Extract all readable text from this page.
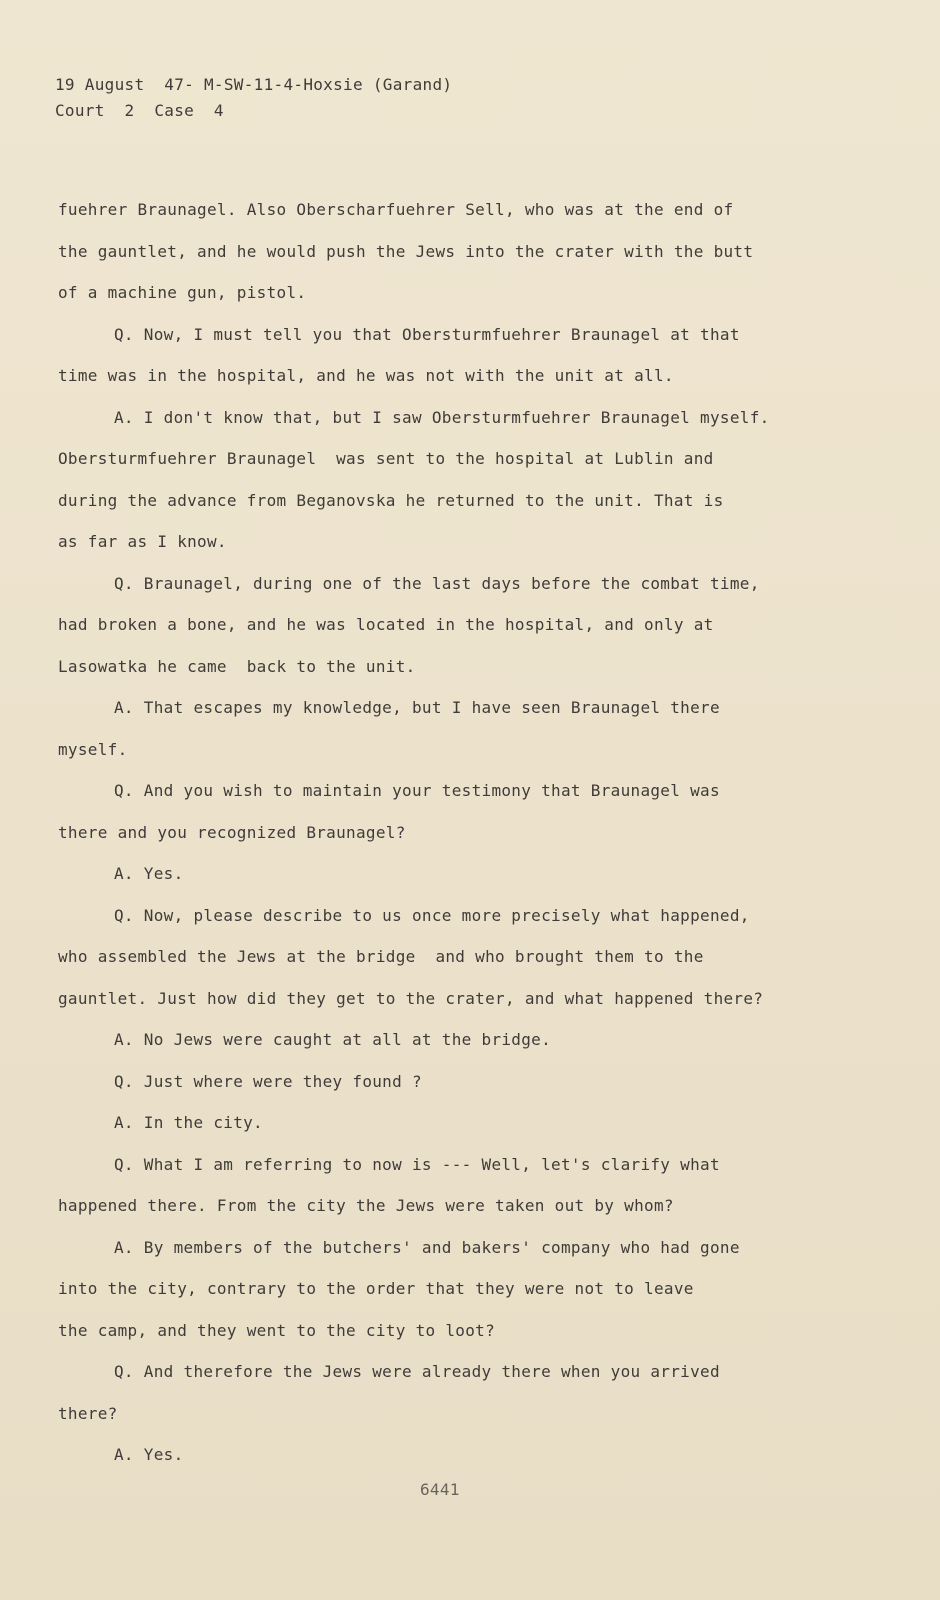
19 August  47- M-SW-11-4-Hoxsie (Garand)
Court  2  Case  4
fuehrer Braunagel. Also Oberscharfuehrer Sell, who was at the end of
the gauntlet, and he would push the Jews into the crater with the butt
of a machine gun, pistol.
Q. Now, I must tell you that Obersturmfuehrer Braunagel at that
time was in the hospital, and he was not with the unit at all.
A. I don't know that, but I saw Obersturmfuehrer Braunagel myself.
Obersturmfuehrer Braunagel  was sent to the hospital at Lublin and
during the advance from Beganovska he returned to the unit. That is
as far as I know.
Q. Braunagel, during one of the last days before the combat time,
had broken a bone, and he was located in the hospital, and only at
Lasowatka he came  back to the unit.
A. That escapes my knowledge, but I have seen Braunagel there
myself.
Q. And you wish to maintain your testimony that Braunagel was
there and you recognized Braunagel?
A. Yes.
Q. Now, please describe to us once more precisely what happened,
who assembled the Jews at the bridge  and who brought them to the
gauntlet. Just how did they get to the crater, and what happened there?
A. No Jews were caught at all at the bridge.
Q. Just where were they found ?
A. In the city.
Q. What I am referring to now is --- Well, let's clarify what
happened there. From the city the Jews were taken out by whom?
A. By members of the butchers' and bakers' company who had gone
into the city, contrary to the order that they were not to leave
the camp, and they went to the city to loot?
Q. And therefore the Jews were already there when you arrived
there?
A. Yes.
6441
